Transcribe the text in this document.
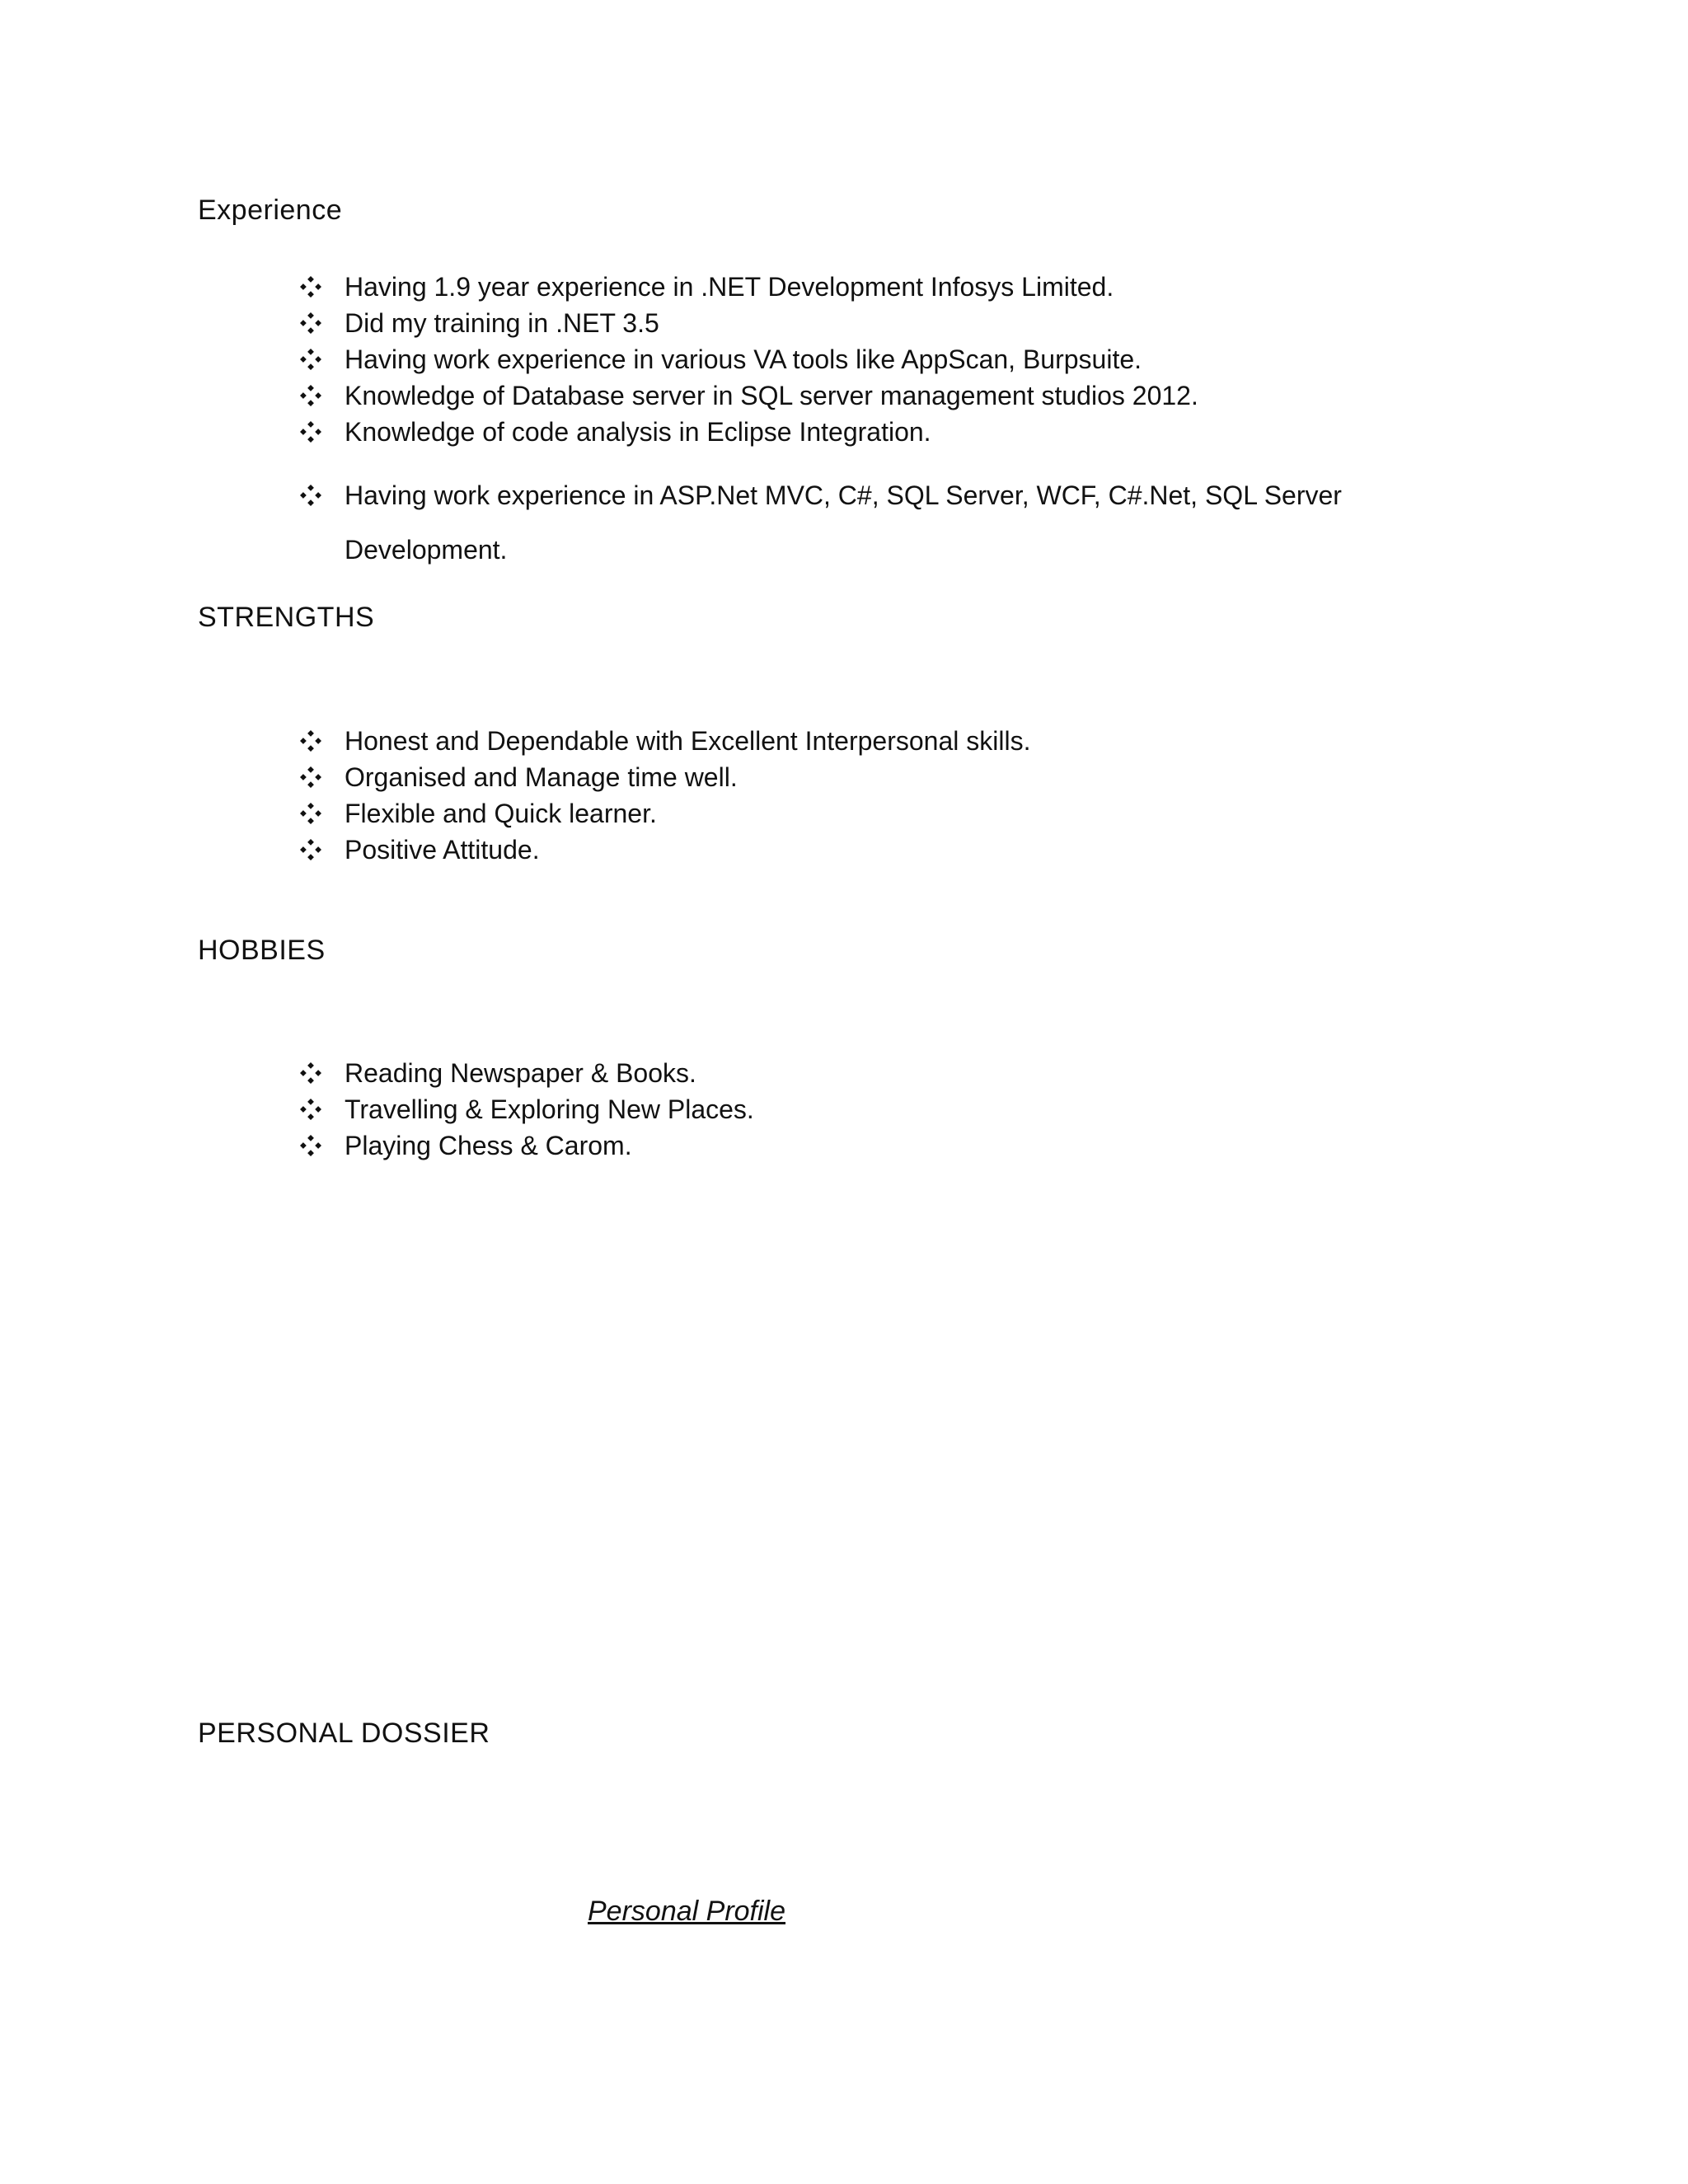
Experience
Having 1.9 year experience in .NET Development Infosys Limited.
Did my training in .NET 3.5
Having work experience in various VA tools like AppScan, Burpsuite.
Knowledge of Database server in SQL server management studios 2012.
Knowledge of code analysis in Eclipse Integration.
Having work experience in ASP.Net MVC, C#, SQL Server, WCF, C#.Net, SQL Server Development.
STRENGTHS
Honest and Dependable with Excellent Interpersonal skills.
Organised and Manage time well.
Flexible and Quick learner.
Positive Attitude.
HOBBIES
Reading Newspaper & Books.
Travelling & Exploring New Places.
Playing Chess & Carom.
PERSONAL DOSSIER
Personal Profile
